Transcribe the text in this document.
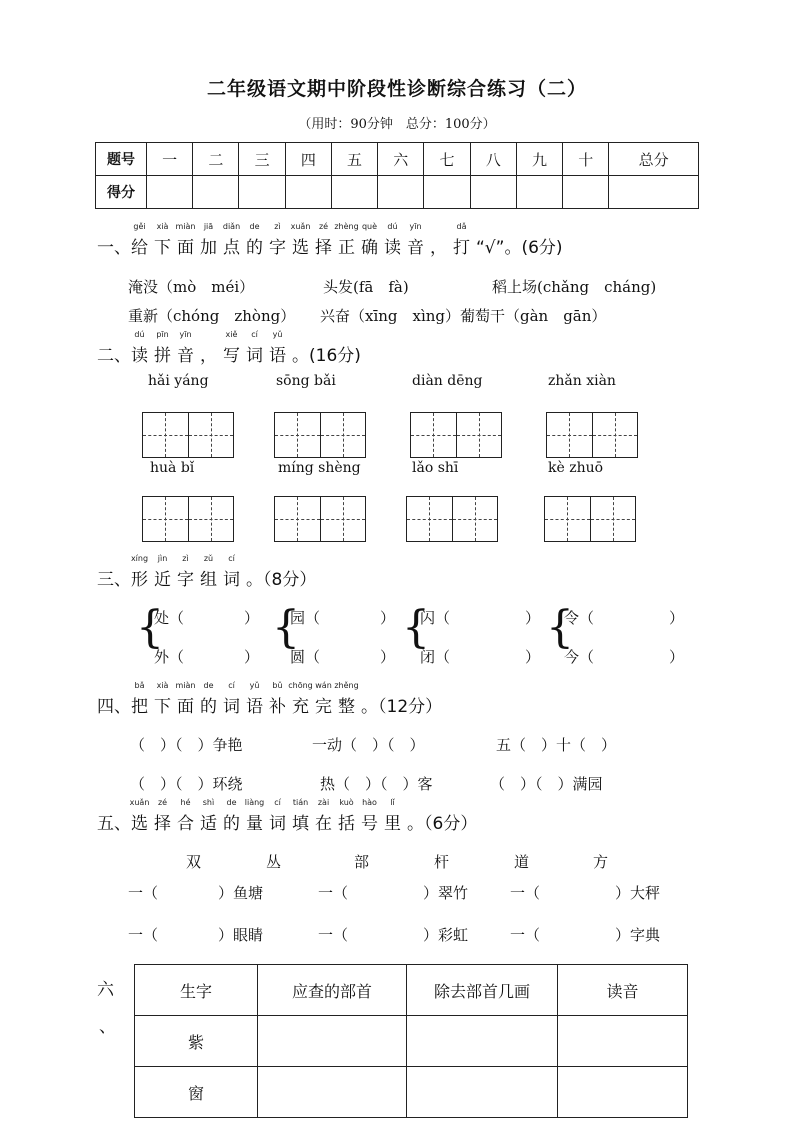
二年级语文期中阶段性诊断综合练习（二）
（用时：90分钟　总分：100分）
题号	一	二	三	四	五	六	七	八	九	十	总分
得分											
一、
gěi
给
xià
下
miàn
面
jiā
加
diǎn
点
de
的
zì
字
xuǎn
选
zé
择
zhèng
正
què
确
dú
读
yīn
音 ，
dǎ
打 “√”。(6分)
淹没（mò　méi）	头发(fā　fà)	稻上场(chǎng　cháng)
重新（chóng　zhòng） 兴奋（xīng　xìng） 葡萄干（gàn　gān）
二、
dú
读
pīn
拼
yīn
音 ，
xiě
写
cí
词
yǔ
语 。(16分)
hǎi yáng	sōng bǎi	diàn dēng	zhǎn xiàn
huà bǐ	míng shèng	lǎo shī	kè zhuō
三、
xíng
形
jìn
近
zì
字
zǔ
组
cí
词 。（8分）
{
处（　　　　）
外（　　　　）
{
园（　　　　）
圆（　　　　）
{
闪（　　　　　）
闭（　　　　　）
{
令（　　　　　）
今（　　　　　）
四、
bǎ
把
xià
下
miàn
面
de
的
cí
词
yǔ
语
bǔ
补
chōng
充
wán
完
zhěng
整 。（12分）
（　）（　）争艳	一动（　）（　）	五（　）十（　）
（　）（　）环绕	热（　）（　）客	（　）（　）满园
五、
xuǎn
选
zé
择
hé
合
shì
适
de
的
liàng
量
cí
词
tián
填
zài
在
kuò
括
hào
号
lǐ
里 。（6分）
双	丛	部	杆	道	方
一（　　　　）鱼塘	一（　　　　　）翠竹	一（　　　　　）大秤
一（　　　　）眼睛	一（　　　　　）彩虹	一（　　　　　）字典
六
、
生字	应查的部首	除去部首几画	读音
紫			
窗			
